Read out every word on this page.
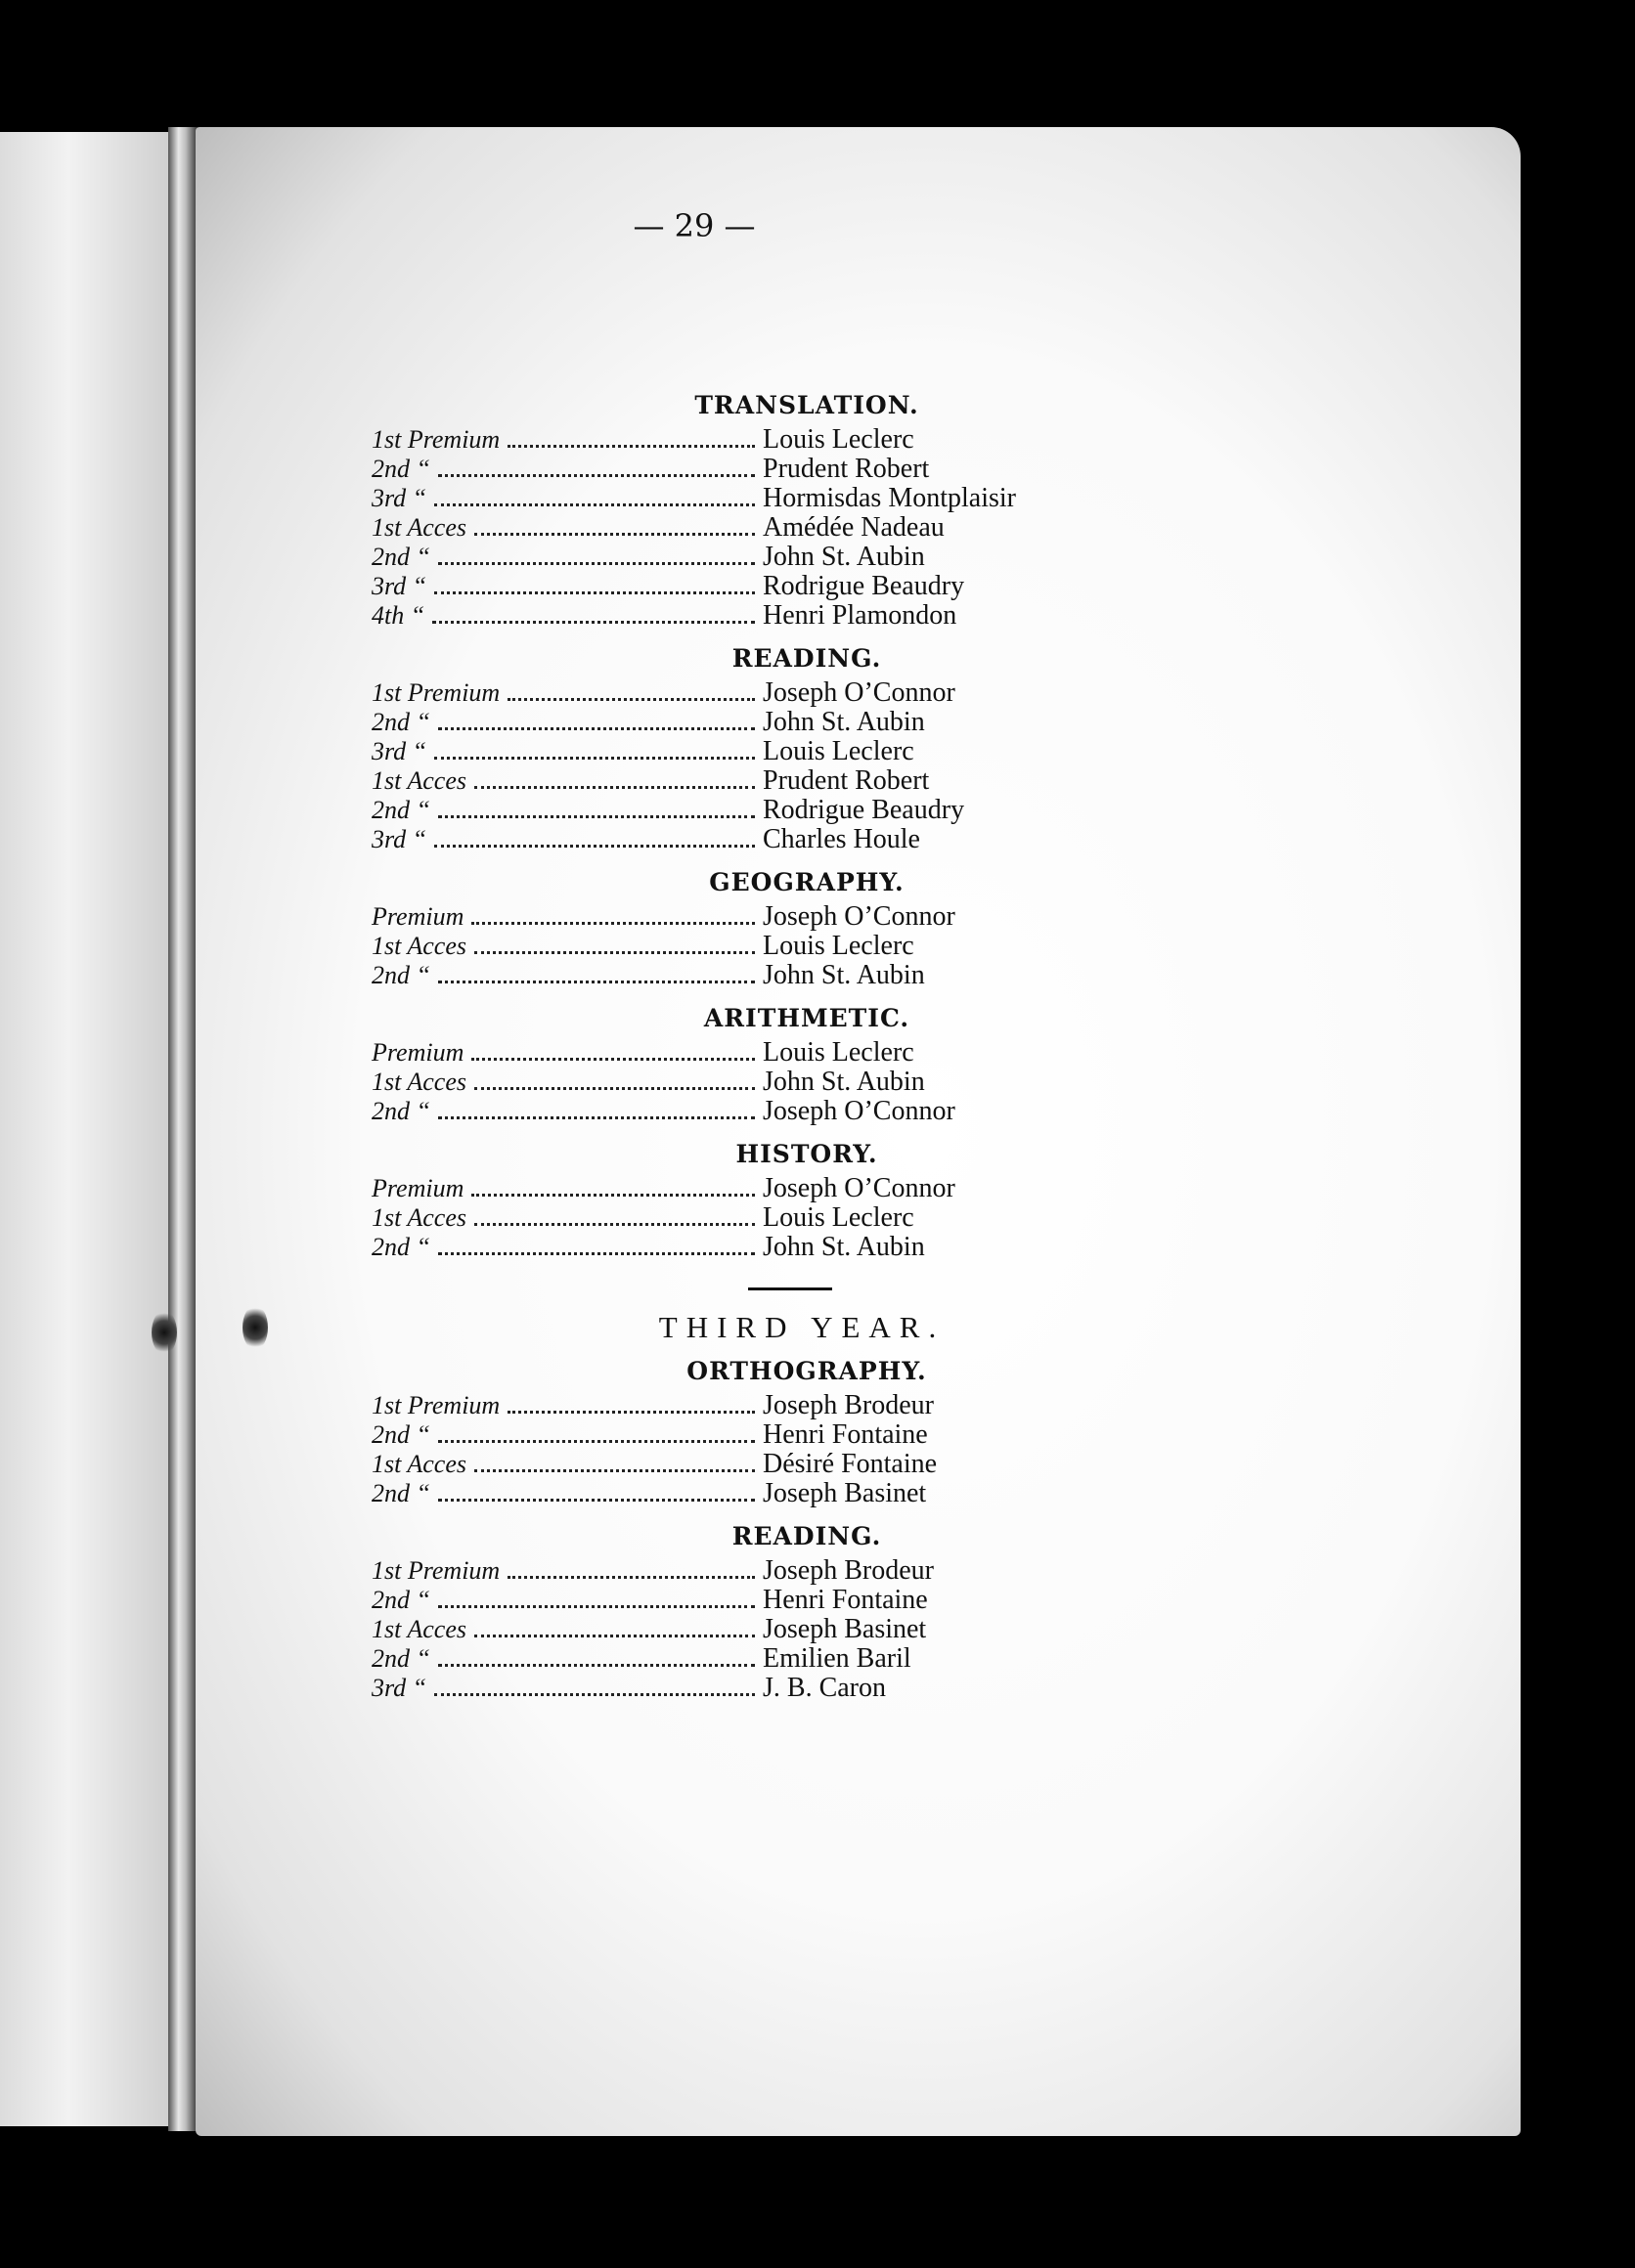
— 29 —
TRANSLATION.
1st Premium	Louis Leclerc
2nd “	Prudent Robert
3rd “	Hormisdas Montplaisir
1st Acces	Amédée Nadeau
2nd “	John St. Aubin
3rd “	Rodrigue Beaudry
4th “	Henri Plamondon
READING.
1st Premium	Joseph O’Connor
2nd “	John St. Aubin
3rd “	Louis Leclerc
1st Acces	Prudent Robert
2nd “	Rodrigue Beaudry
3rd “	Charles Houle
GEOGRAPHY.
Premium	Joseph O’Connor
1st Acces	Louis Leclerc
2nd “	John St. Aubin
ARITHMETIC.
Premium	Louis Leclerc
1st Acces	John St. Aubin
2nd “	Joseph O’Connor
HISTORY.
Premium	Joseph O’Connor
1st Acces	Louis Leclerc
2nd “	John St. Aubin
THIRD YEAR.
ORTHOGRAPHY.
1st Premium	Joseph Brodeur
2nd “	Henri Fontaine
1st Acces	Désiré Fontaine
2nd “	Joseph Basinet
READING.
1st Premium	Joseph Brodeur
2nd “	Henri Fontaine
1st Acces	Joseph Basinet
2nd “	Emilien Baril
3rd “	J. B. Caron
